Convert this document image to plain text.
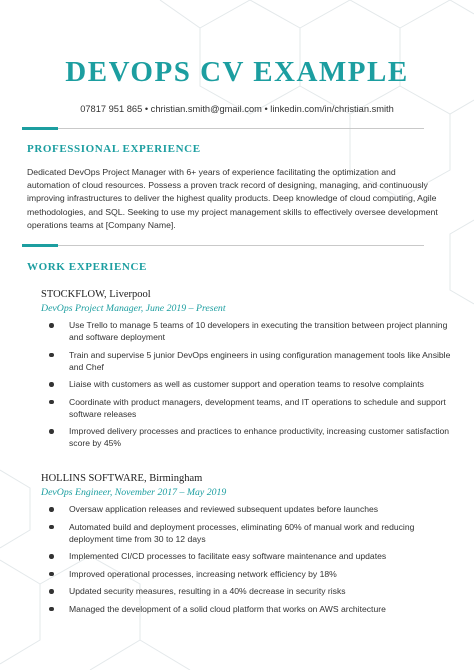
DEVOPS CV EXAMPLE
07817 951 865 • christian.smith@gmail.com • linkedin.com/in/christian.smith
PROFESSIONAL EXPERIENCE
Dedicated DevOps Project Manager with 6+ years of experience facilitating the optimization and automation of cloud resources. Possess a proven track record of designing, managing, and continuously improving infrastructures to deliver the highest quality products. Deep knowledge of cloud computing, Agile methodologies, and SQL. Seeking to use my project management skills to effectively oversee development operations teams at [Company Name].
WORK EXPERIENCE
STOCKFLOW, Liverpool
DevOps Project Manager, June 2019 – Present
Use Trello to manage 5 teams of 10 developers in executing the transition between project planning and software deployment
Train and supervise 5 junior DevOps engineers in using configuration management tools like Ansible and Chef
Liaise with customers as well as customer support and operation teams to resolve complaints
Coordinate with product managers, development teams, and IT operations to schedule and support software releases
Improved delivery processes and practices to enhance productivity, increasing customer satisfaction score by 45%
HOLLINS SOFTWARE, Birmingham
DevOps Engineer, November 2017 – May 2019
Oversaw application releases and reviewed subsequent updates before launches
Automated build and deployment processes, eliminating 60% of manual work and reducing deployment time from 30 to 12 days
Implemented CI/CD processes to facilitate easy software maintenance and updates
Improved operational processes, increasing network efficiency by 18%
Updated security measures, resulting in a 40% decrease in security risks
Managed the development of a solid cloud platform that works on AWS architecture
